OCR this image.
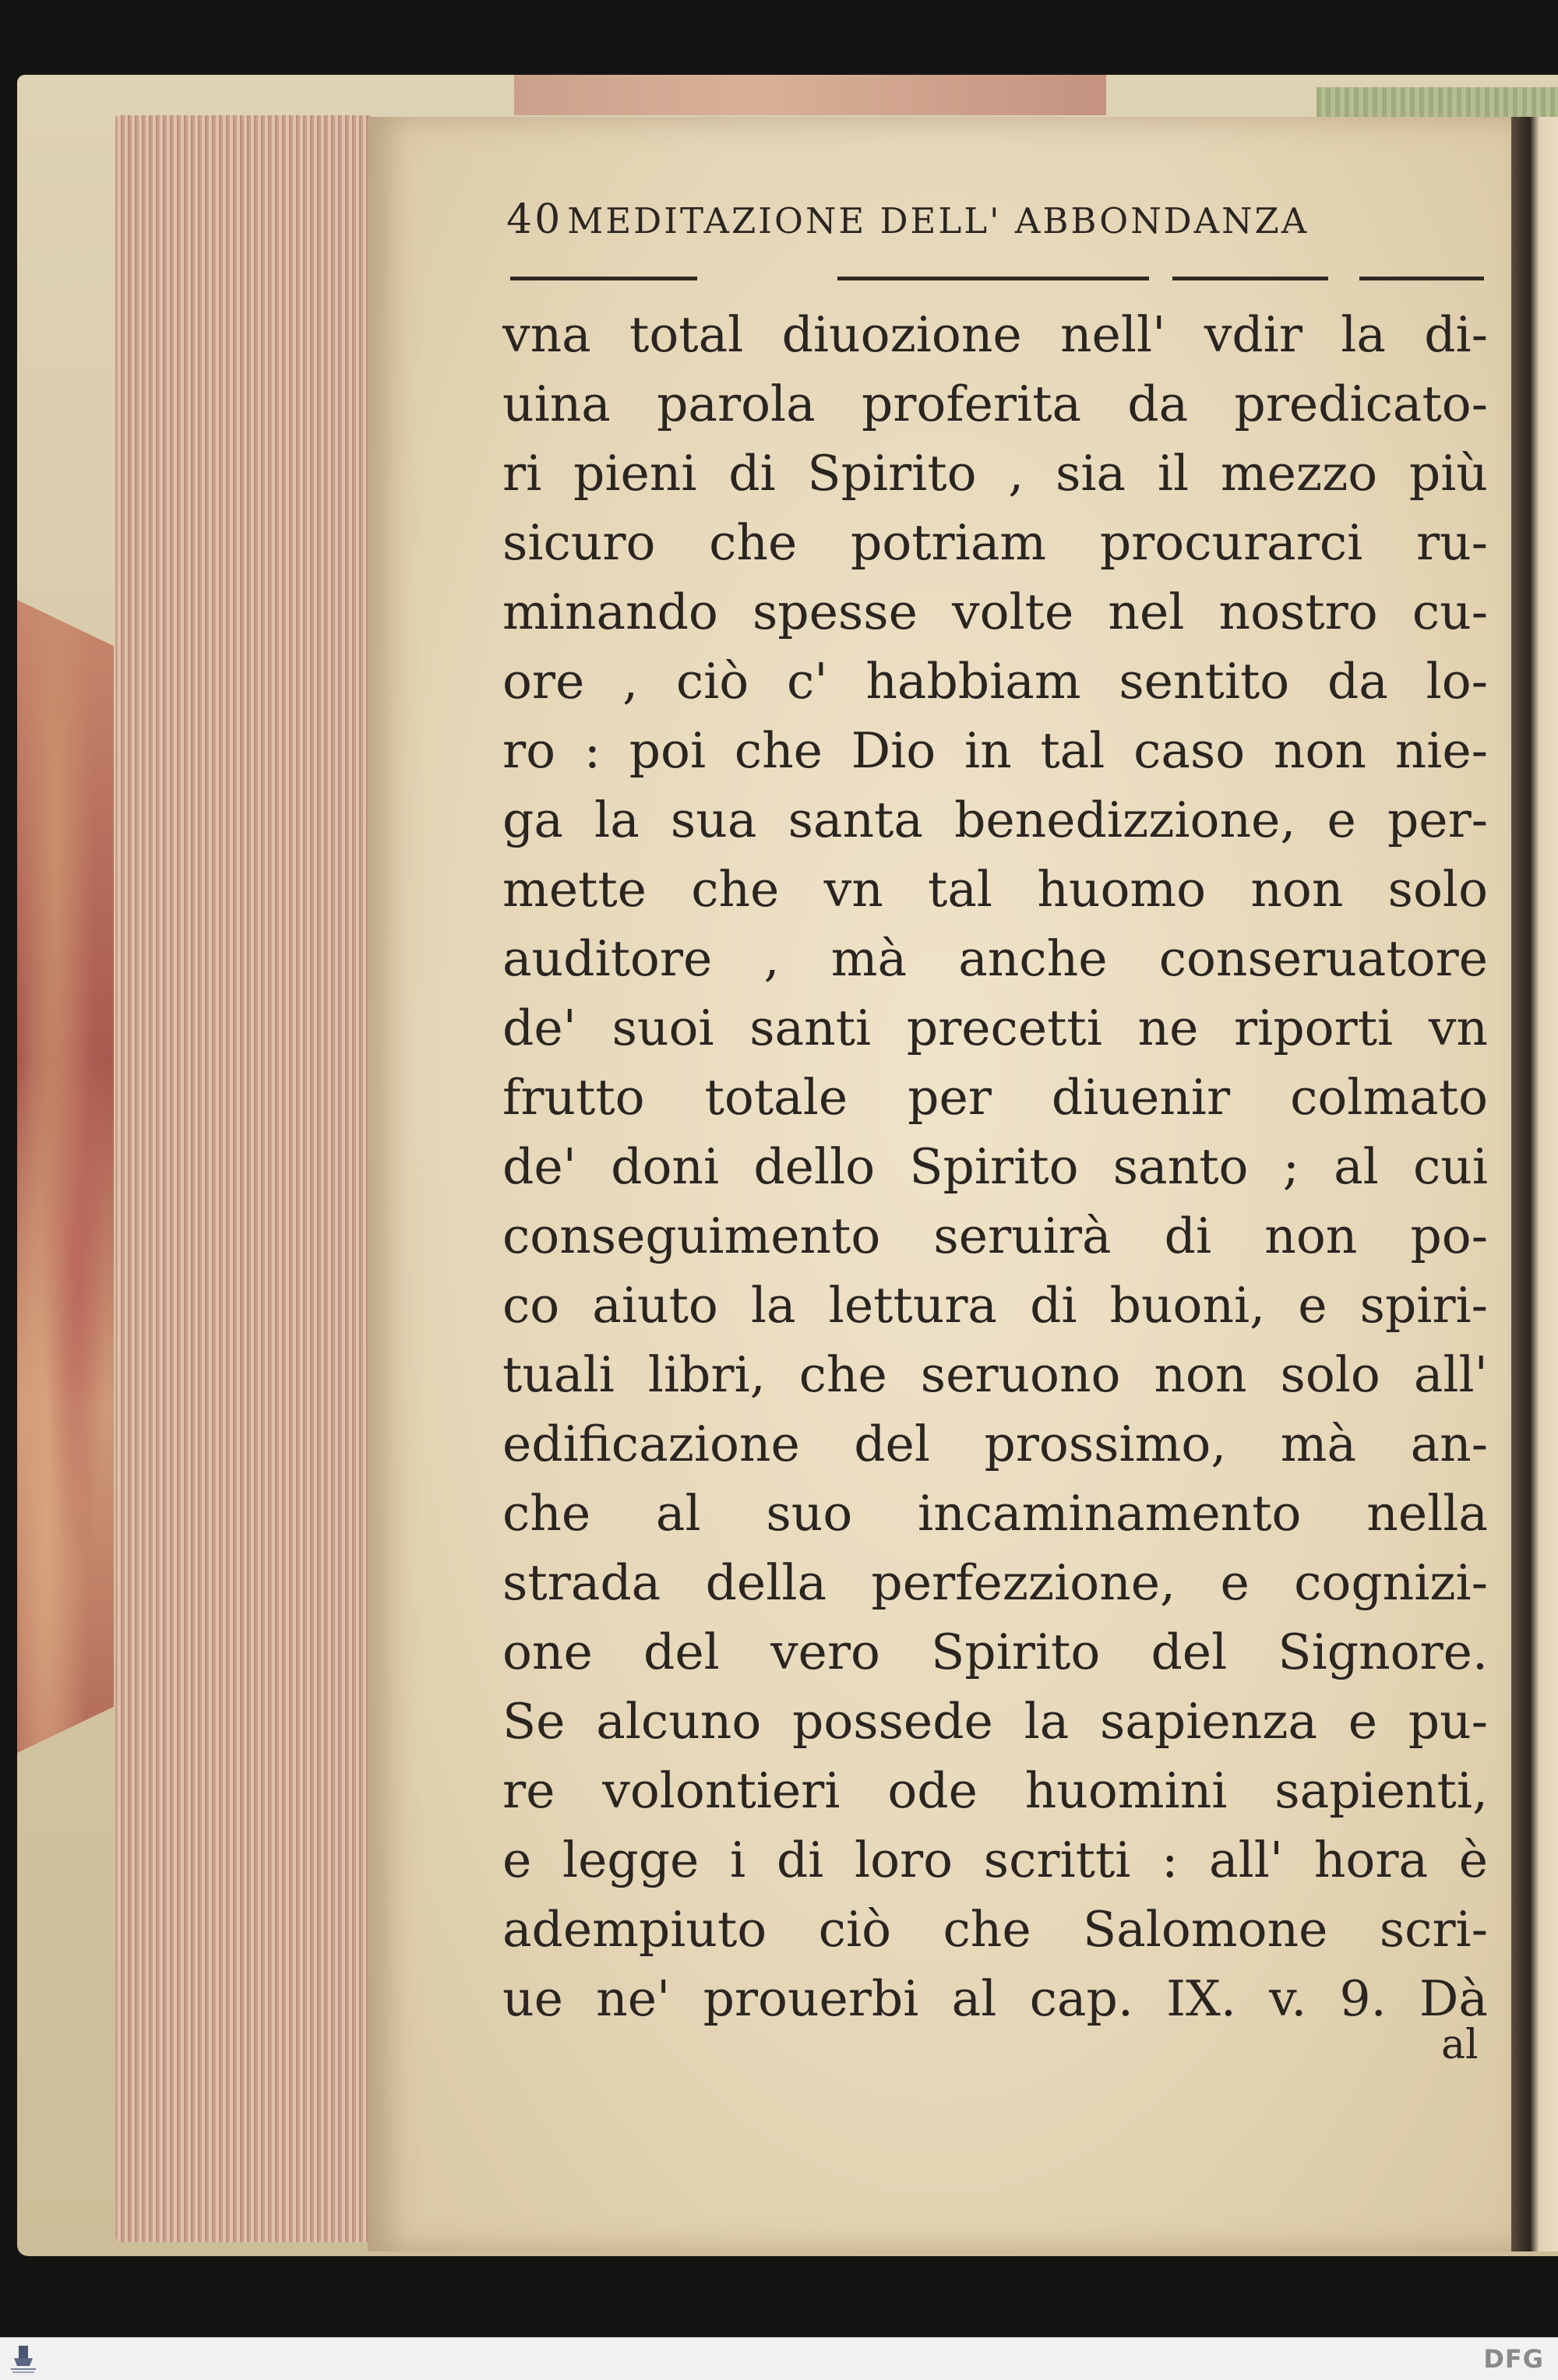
40 MEDITAZIONE DELL' ABBONDANZA
vna total diuozione nell' vdir la di-
uina parola proferita da predicato-
ri pieni di Spirito , sia il mezzo più
sicuro che potriam procurarci ru-
minando spesse volte nel nostro cu-
ore , ciò c' habbiam sentito da lo-
ro : poi che Dio in tal caso non nie-
ga la sua santa benedizzione, e per-
mette che vn tal huomo non solo
auditore , mà anche conseruatore
de' suoi santi precetti ne riporti vn
frutto totale per diuenir colmato
de' doni dello Spirito santo ; al cui
conseguimento seruirà di non po-
co aiuto la lettura di buoni, e spiri-
tuali libri, che seruono non solo all'
edificazione del prossimo, mà an-
che al suo incaminamento nella
strada della perfezzione, e cognizi-
one del vero Spirito del Signore.
Se alcuno possede la sapienza e pu-
re volontieri ode huomini sapienti,
e legge i di loro scritti : all' hora è
adempiuto ciò che Salomone scri-
ue ne' prouerbi al cap. IX. v. 9. Dà
al
DFG
